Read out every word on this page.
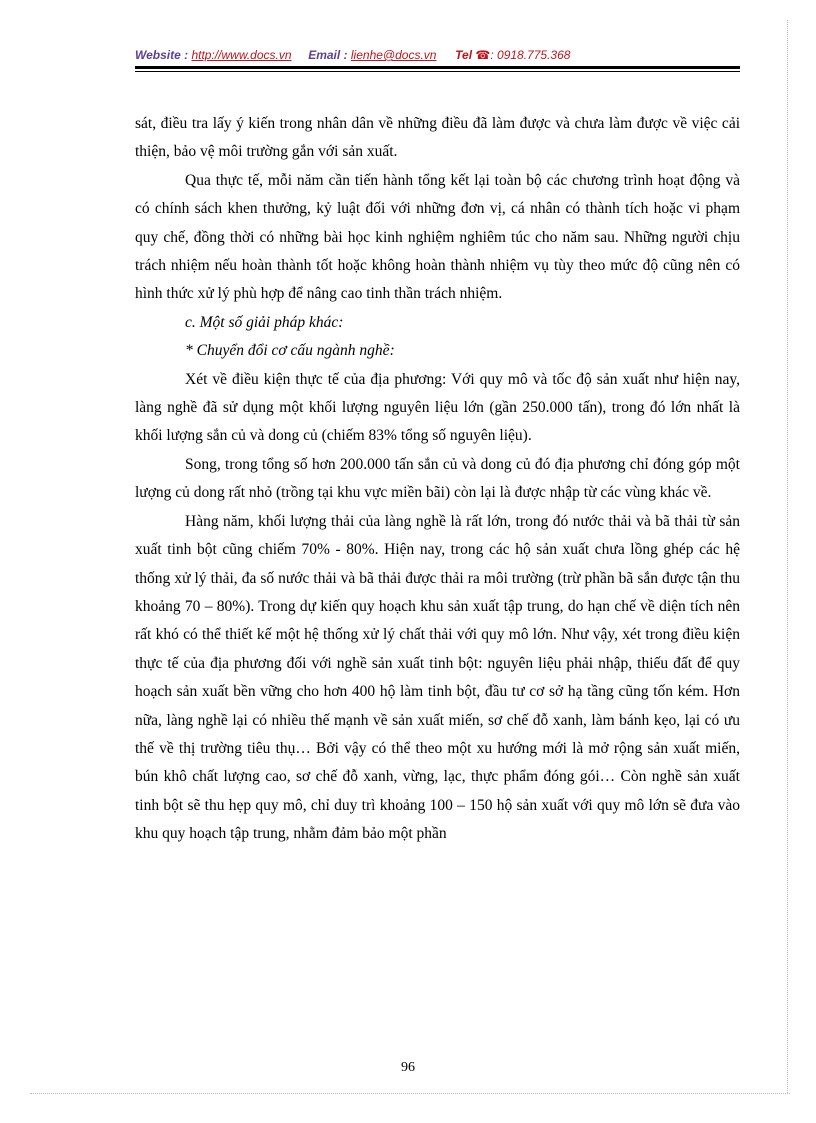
Website : http://www.docs.vn Email : lienhe@docs.vn Tel ☎: 0918.775.368

sát, điều tra lấy ý kiến trong nhân dân về những điều đã làm được và chưa làm được về việc cải thiện, bảo vệ môi trường gắn với sản xuất.

Qua thực tế, mỗi năm cần tiến hành tổng kết lại toàn bộ các chương trình hoạt động và có chính sách khen thưởng, kỷ luật đối với những đơn vị, cá nhân có thành tích hoặc vi phạm quy chế, đồng thời có những bài học kinh nghiệm nghiêm túc cho năm sau. Những người chịu trách nhiệm nếu hoàn thành tốt hoặc không hoàn thành nhiệm vụ tùy theo mức độ cũng nên có hình thức xử lý phù hợp để nâng cao tinh thần trách nhiệm.

c. Một số giải pháp khác:

* Chuyển đổi cơ cấu ngành nghề:

Xét về điều kiện thực tế của địa phương: Với quy mô và tốc độ sản xuất như hiện nay, làng nghề đã sử dụng một khối lượng nguyên liệu lớn (gần 250.000 tấn), trong đó lớn nhất là khối lượng sắn củ và dong củ (chiếm 83% tổng số nguyên liệu).

Song, trong tổng số hơn 200.000 tấn sắn củ và dong củ đó địa phương chỉ đóng góp một lượng củ dong rất nhỏ (trồng tại khu vực miền bãi) còn lại là được nhập từ các vùng khác về.

Hàng năm, khối lượng thải của làng nghề là rất lớn, trong đó nước thải và bã thải từ sản xuất tinh bột cũng chiếm 70% - 80%. Hiện nay, trong các hộ sản xuất chưa lồng ghép các hệ thống xử lý thải, đa số nước thải và bã thải được thải ra môi trường (trừ phần bã sắn được tận thu khoảng 70 – 80%). Trong dự kiến quy hoạch khu sản xuất tập trung, do hạn chế về diện tích nên rất khó có thể thiết kế một hệ thống xử lý chất thải với quy mô lớn. Như vậy, xét trong điều kiện thực tế của địa phương đối với nghề sản xuất tinh bột: nguyên liệu phải nhập, thiếu đất để quy hoạch sản xuất bền vững cho hơn 400 hộ làm tinh bột, đầu tư cơ sở hạ tầng cũng tốn kém. Hơn nữa, làng nghề lại có nhiều thế mạnh về sản xuất miến, sơ chế đỗ xanh, làm bánh kẹo, lại có ưu thế về thị trường tiêu thụ… Bởi vậy có thể theo một xu hướng mới là mở rộng sản xuất miến, bún khô chất lượng cao, sơ chế đỗ xanh, vừng, lạc, thực phẩm đóng gói… Còn nghề sản xuất tinh bột sẽ thu hẹp quy mô, chỉ duy trì khoảng 100 – 150 hộ sản xuất với quy mô lớn sẽ đưa vào khu quy hoạch tập trung, nhằm đảm bảo một phần

96
